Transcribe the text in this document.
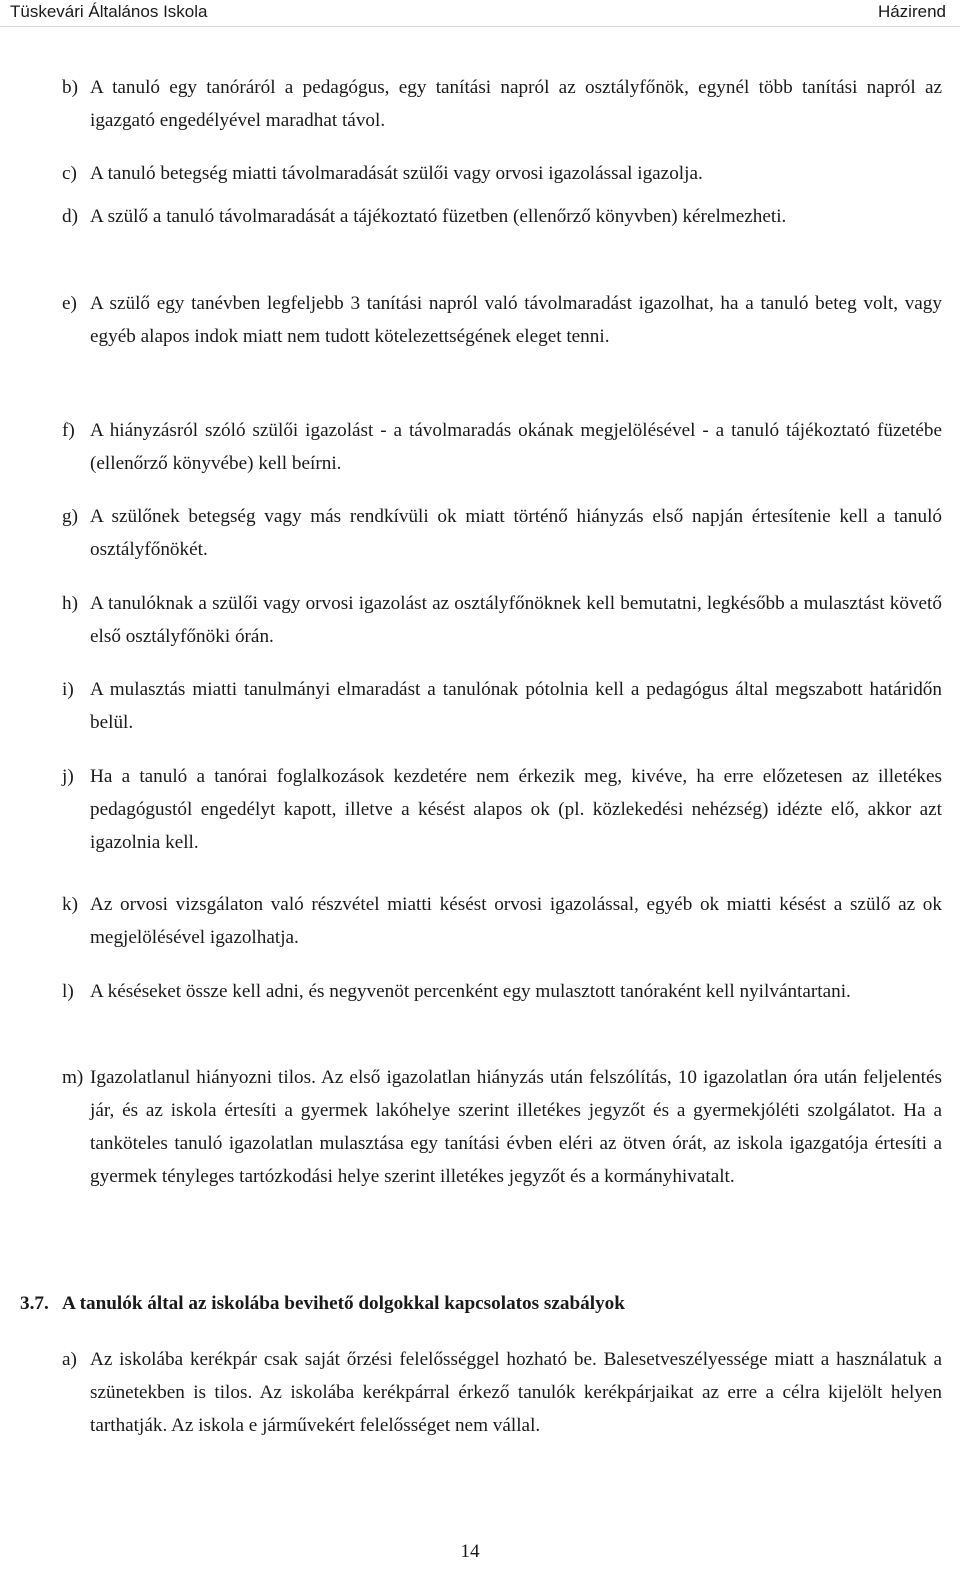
Tüskevári Általános Iskola	Házirend
b) A tanuló egy tanóráról a pedagógus, egy tanítási napról az osztályfőnök, egynél több tanítási napról az igazgató engedélyével maradhat távol.
c) A tanuló betegség miatti távolmaradását szülői vagy orvosi igazolással igazolja.
d) A szülő a tanuló távolmaradását a tájékoztató füzetben (ellenőrző könyvben) kérelmezheti.
e) A szülő egy tanévben legfeljebb 3 tanítási napról való távolmaradást igazolhat, ha a tanuló beteg volt, vagy egyéb alapos indok miatt nem tudott kötelezettségének eleget tenni.
f) A hiányzásról szóló szülői igazolást - a távolmaradás okának megjelölésével - a tanuló tájékoztató füzetébe (ellenőrző könyvébe) kell beírni.
g) A szülőnek betegség vagy más rendkívüli ok miatt történő hiányzás első napján értesítenie kell a tanuló osztályfőnökét.
h) A tanulóknak a szülői vagy orvosi igazolást az osztályfőnöknek kell bemutatni, legkésőbb a mulasztást követő első osztályfőnöki órán.
i) A mulasztás miatti tanulmányi elmaradást a tanulónak pótolnia kell a pedagógus által megszabott határidőn belül.
j) Ha a tanuló a tanórai foglalkozások kezdetére nem érkezik meg, kivéve, ha erre előzetesen az illetékes pedagógustól engedélyt kapott, illetve a késést alapos ok (pl. közlekedési nehézség) idézte elő, akkor azt igazolnia kell.
k) Az orvosi vizsgálaton való részvétel miatti késést orvosi igazolással, egyéb ok miatti késést a szülő az ok megjelölésével igazolhatja.
l) A késéseket össze kell adni, és negyvenöt percenként egy mulasztott tanóraként kell nyilvántartani.
m) Igazolatlanul hiányozni tilos. Az első igazolatlan hiányzás után felszólítás, 10 igazolatlan óra után feljelentés jár, és az iskola értesíti a gyermek lakóhelye szerint illetékes jegyzőt és a gyermekjóléti szolgálatot. Ha a tanköteles tanuló igazolatlan mulasztása egy tanítási évben eléri az ötven órát, az iskola igazgatója értesíti a gyermek tényleges tartózkodási helye szerint illetékes jegyzőt és a kormányhivatalt.
3.7. A tanulók által az iskolába bevihető dolgokkal kapcsolatos szabályok
a) Az iskolába kerékpár csak saját őrzési felelősséggel hozható be. Balesetveszélyessége miatt a használatuk a szünetekben is tilos. Az iskolába kerékpárral érkező tanulók kerékpárjaikat az erre a célra kijelölt helyen tarthatják. Az iskola e járművekért felelősséget nem vállal.
14
